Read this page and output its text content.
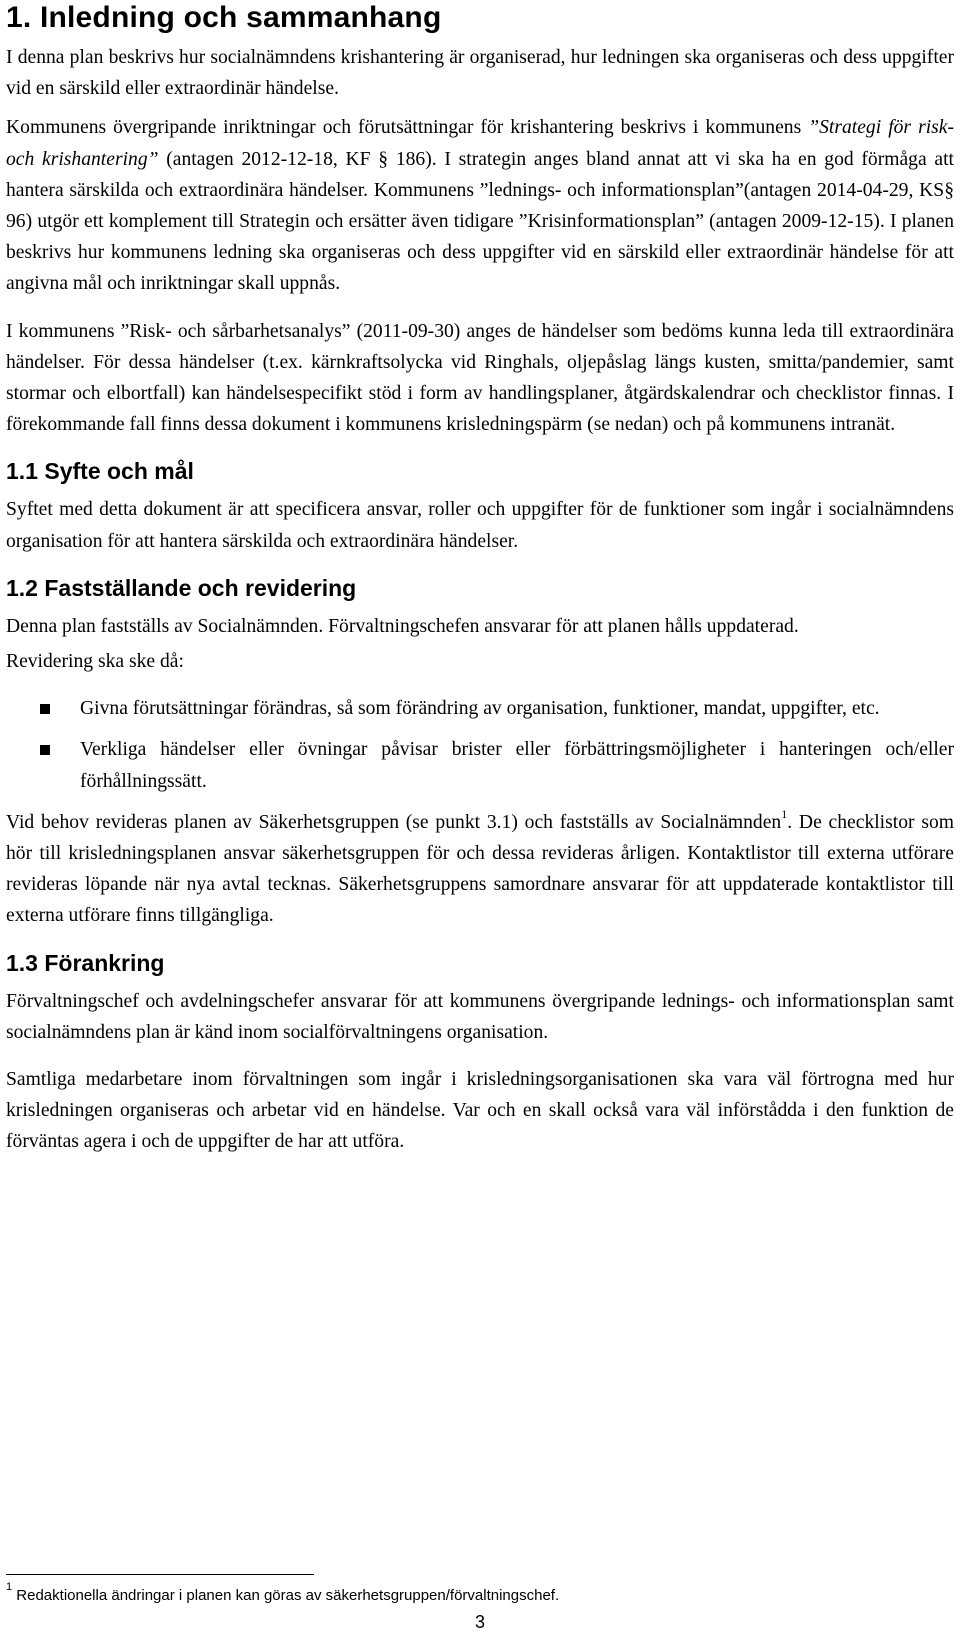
1. Inledning och sammanhang

I denna plan beskrivs hur socialnämndens krishantering är organiserad, hur ledningen ska organiseras och dess uppgifter vid en särskild eller extraordinär händelse.

Kommunens övergripande inriktningar och förutsättningar för krishantering beskrivs i kommunens ”Strategi för risk- och krishantering” (antagen 2012-12-18, KF § 186). I strategin anges bland annat att vi ska ha en god förmåga att hantera särskilda och extraordinära händelser. Kommunens ”lednings- och informationsplan”(antagen 2014-04-29, KS§ 96) utgör ett komplement till Strategin och ersätter även tidigare ”Krisinformationsplan” (antagen 2009-12-15). I planen beskrivs hur kommunens ledning ska organiseras och dess uppgifter vid en särskild eller extraordinär händelse för att angivna mål och inriktningar skall uppnås.

I kommunens ”Risk- och sårbarhetsanalys” (2011-09-30) anges de händelser som bedöms kunna leda till extraordinära händelser. För dessa händelser (t.ex. kärnkraftsolycka vid Ringhals, oljepåslag längs kusten, smitta/pandemier, samt stormar och elbortfall) kan händelsespecifikt stöd i form av handlingsplaner, åtgärdskalendrar och checklistor finnas. I förekommande fall finns dessa dokument i kommunens krisledningspärm (se nedan) och på kommunens intranät.

1.1 Syfte och mål

Syftet med detta dokument är att specificera ansvar, roller och uppgifter för de funktioner som ingår i socialnämndens organisation för att hantera särskilda och extraordinära händelser.

1.2 Fastställande och revidering

Denna plan fastställs av Socialnämnden. Förvaltningschefen ansvarar för att planen hålls uppdaterad.

Revidering ska ske då:

Givna förutsättningar förändras, så som förändring av organisation, funktioner, mandat, uppgifter, etc.
Verkliga händelser eller övningar påvisar brister eller förbättringsmöjligheter i hanteringen och/eller förhållningssätt.

Vid behov revideras planen av Säkerhetsgruppen (se punkt 3.1) och fastställs av Socialnämnden$^1$. De checklistor som hör till krisledningsplanen ansvar säkerhetsgruppen för och dessa revideras årligen. Kontaktlistor till externa utförare revideras löpande när nya avtal tecknas. Säkerhetsgruppens samordnare ansvarar för att uppdaterade kontaktlistor till externa utförare finns tillgängliga.

1.3 Förankring

Förvaltningschef och avdelningschefer ansvarar för att kommunens övergripande lednings- och informationsplan samt socialnämndens plan är känd inom socialförvaltningens organisation.

Samtliga medarbetare inom förvaltningen som ingår i krisledningsorganisationen ska vara väl förtrogna med hur krisledningen organiseras och arbetar vid en händelse. Var och en skall också vara väl införstådda i den funktion de förväntas agera i och de uppgifter de har att utföra.

$^1$ Redaktionella ändringar i planen kan göras av säkerhetsgruppen/förvaltningschef.
3
